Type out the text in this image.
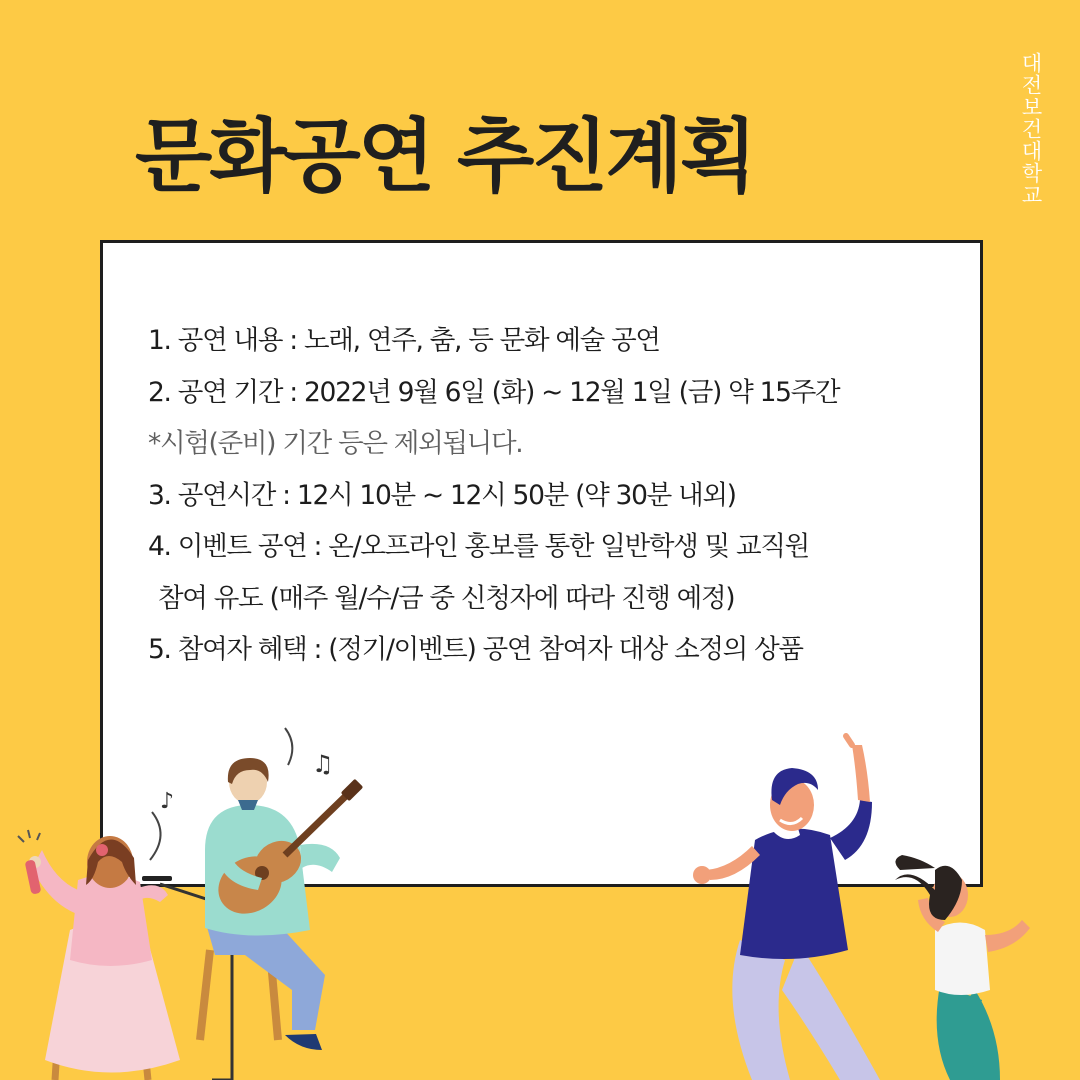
문화공연 추진계획	대전보건대학교
1. 공연 내용 : 노래, 연주, 춤, 등 문화 예술 공연
2. 공연 기간 : 2022년 9월 6일 (화) ~ 12월 1일 (금) 약 15주간
*시험(준비) 기간 등은 제외됩니다.
3. 공연시간 : 12시 10분 ~ 12시 50분 (약 30분 내외)
4. 이벤트 공연 : 온/오프라인 홍보를 통한 일반학생 및 교직원
참여 유도 (매주 월/수/금 중 신청자에 따라 진행 예정)
5. 참여자 혜택 : (정기/이벤트) 공연 참여자 대상 소정의 상품
♪
♫
